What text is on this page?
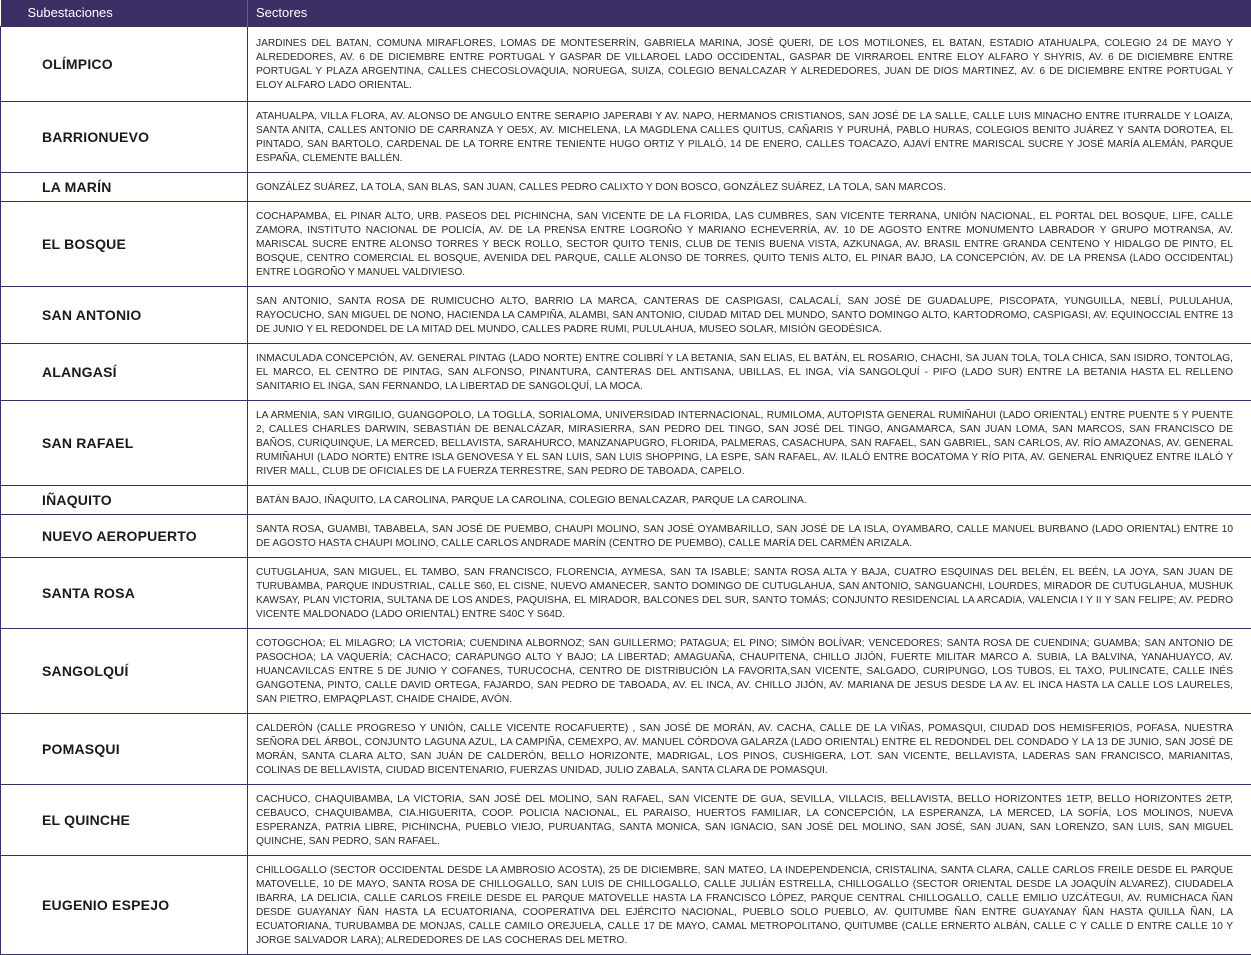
Subestaciones	Sectores
OLÍMPICO	JARDINES DEL BATAN, COMUNA MIRAFLORES, LOMAS DE MONTESERRÍN, GABRIELA MARINA, JOSÉ QUERI, DE LOS MOTILONES, EL BATAN, ESTADIO ATAHUALPA, COLEGIO 24 DE MAYO Y ALREDEDORES, AV. 6 DE DICIEMBRE ENTRE PORTUGAL Y GASPAR DE VILLAROEL LADO OCCIDENTAL, GASPAR DE VIRRAROEL ENTRE ELOY ALFARO Y SHYRIS, AV. 6 DE DICIEMBRE ENTRE PORTUGAL Y PLAZA ARGENTINA, CALLES CHECOSLOVAQUIA, NORUEGA, SUIZA, COLEGIO BENALCAZAR Y ALREDEDORES, JUAN DE DIOS MARTINEZ, AV. 6 DE DICIEMBRE ENTRE PORTUGAL Y ELOY ALFARO LADO ORIENTAL.
BARRIONUEVO	ATAHUALPA, VILLA FLORA, AV. ALONSO DE ANGULO ENTRE SERAPIO JAPERABI Y AV. NAPO, HERMANOS CRISTIANOS, SAN JOSÉ DE LA SALLE, CALLE LUIS MINACHO ENTRE ITURRALDE Y LOAIZA, SANTA ANITA, CALLES ANTONIO DE CARRANZA Y OE5X, AV. MICHELENA, LA MAGDLENA CALLES QUITUS, CAÑARIS Y PURUHÁ, PABLO HURAS, COLEGIOS BENITO JUÁREZ Y SANTA DOROTEA, EL PINTADO, SAN BARTOLO, CARDENAL DE LA TORRE ENTRE TENIENTE HUGO ORTIZ Y PILALÓ, 14 DE ENERO, CALLES TOACAZO, AJAVÍ ENTRE MARISCAL SUCRE Y JOSÉ MARÍA ALEMÁN, PARQUE ESPAÑA, CLEMENTE BALLÉN.
LA MARÍN	GONZÁLEZ SUÁREZ, LA TOLA, SAN BLAS, SAN JUAN, CALLES PEDRO CALIXTO Y DON BOSCO, GONZÁLEZ SUÁREZ, LA TOLA, SAN MARCOS.
EL BOSQUE	COCHAPAMBA, EL PINAR ALTO, URB. PASEOS DEL PICHINCHA, SAN VICENTE DE LA FLORIDA, LAS CUMBRES, SAN VICENTE TERRANA, UNIÓN NACIONAL, EL PORTAL DEL BOSQUE, LIFE, CALLE ZAMORA, INSTITUTO NACIONAL DE POLICÍA, AV. DE LA PRENSA ENTRE LOGROÑO Y MARIANO ECHEVERRÍA, AV. 10 DE AGOSTO ENTRE MONUMENTO LABRADOR Y GRUPO MOTRANSA, AV. MARISCAL SUCRE ENTRE ALONSO TORRES Y BECK ROLLO, SECTOR QUITO TENIS, CLUB DE TENIS BUENA VISTA, AZKUNAGA, AV. BRASIL ENTRE GRANDA CENTENO Y HIDALGO DE PINTO, EL BOSQUE, CENTRO COMERCIAL EL BOSQUE, AVENIDA DEL PARQUE, CALLE ALONSO DE TORRES, QUITO TENIS ALTO, EL PINAR BAJO, LA CONCEPCIÓN, AV. DE LA PRENSA (LADO OCCIDENTAL) ENTRE LOGROÑO Y MANUEL VALDIVIESO.
SAN ANTONIO	SAN ANTONIO, SANTA ROSA DE RUMICUCHO ALTO, BARRIO LA MARCA, CANTERAS DE CASPIGASI, CALACALÍ, SAN JOSÉ DE GUADALUPE, PISCOPATA, YUNGUILLA, NEBLÍ, PULULAHUA, RAYOCUCHO, SAN MIGUEL DE NONO, HACIENDA LA CAMPIÑA, ALAMBI, SAN ANTONIO, CIUDAD MITAD DEL MUNDO, SANTO DOMINGO ALTO, KARTODROMO, CASPIGASI, AV. EQUINOCCIAL ENTRE 13 DE JUNIO Y EL REDONDEL DE LA MITAD DEL MUNDO, CALLES PADRE RUMI, PULULAHUA, MUSEO SOLAR, MISIÓN GEODÉSICA.
ALANGASÍ	INMACULADA CONCEPCIÓN, AV. GENERAL PINTAG (LADO NORTE) ENTRE COLIBRÍ Y LA BETANIA, SAN ELIAS, EL BATÁN, EL ROSARIO, CHACHI, SA JUAN TOLA, TOLA CHICA, SAN ISIDRO, TONTOLAG, EL MARCO, EL CENTRO DE PINTAG, SAN ALFONSO, PINANTURA, CANTERAS DEL ANTISANA, UBILLAS, EL INGA, VÍA SANGOLQUÍ - PIFO (LADO SUR) ENTRE LA BETANIA HASTA EL RELLENO SANITARIO EL INGA, SAN FERNANDO, LA LIBERTAD DE SANGOLQUÍ, LA MOCA.
SAN RAFAEL	LA ARMENIA, SAN VIRGILIO, GUANGOPOLO, LA TOGLLA, SORIALOMA, UNIVERSIDAD INTERNACIONAL, RUMILOMA, AUTOPISTA GENERAL RUMIÑAHUI (LADO ORIENTAL) ENTRE PUENTE 5 Y PUENTE 2, CALLES CHARLES DARWIN, SEBASTIÁN DE BENALCÁZAR, MIRASIERRA, SAN PEDRO DEL TINGO, SAN JOSÉ DEL TINGO, ANGAMARCA, SAN JUAN LOMA, SAN MARCOS, SAN FRANCISCO DE BAÑOS, CURIQUINQUE, LA MERCED, BELLAVISTA, SARAHURCO, MANZANAPUGRO, FLORIDA, PALMERAS, CASACHUPA, SAN RAFAEL, SAN GABRIEL, SAN CARLOS, AV. RÍO AMAZONAS, AV. GENERAL RUMIÑAHUI (LADO NORTE) ENTRE ISLA GENOVESA Y EL SAN LUIS, SAN LUIS SHOPPING, LA ESPE, SAN RAFAEL, AV. ILALÓ ENTRE BOCATOMA Y RÍO PITA, AV. GENERAL ENRIQUEZ ENTRE ILALÓ Y RIVER MALL, CLUB DE OFICIALES DE LA FUERZA TERRESTRE, SAN PEDRO DE TABOADA, CAPELO.
IÑAQUITO	BATÁN BAJO, IÑAQUITO, LA CAROLINA, PARQUE LA CAROLINA, COLEGIO BENALCAZAR, PARQUE LA CAROLINA.
NUEVO AEROPUERTO	SANTA ROSA, GUAMBI, TABABELA, SAN JOSÉ DE PUEMBO, CHAUPI MOLINO, SAN JOSÉ OYAMBARILLO, SAN JOSÉ DE LA ISLA, OYAMBARO, CALLE MANUEL BURBANO (LADO ORIENTAL) ENTRE 10 DE AGOSTO HASTA CHAUPI MOLINO, CALLE CARLOS ANDRADE MARÍN (CENTRO DE PUEMBO), CALLE MARÍA DEL CARMÉN ARIZALA.
SANTA ROSA	CUTUGLAHUA, SAN MIGUEL, EL TAMBO, SAN FRANCISCO, FLORENCIA, AYMESA, SAN TA ISABLE; SANTA ROSA ALTA Y BAJA, CUATRO ESQUINAS DEL BELÉN, EL BEÉN, LA JOYA, SAN JUAN DE TURUBAMBA, PARQUE INDUSTRIAL, CALLE S60, EL CISNE, NUEVO AMANECER, SANTO DOMINGO DE CUTUGLAHUA, SAN ANTONIO, SANGUANCHI, LOURDES, MIRADOR DE CUTUGLAHUA, MUSHUK KAWSAY, PLAN VICTORIA, SULTANA DE LOS ANDES, PAQUISHA, EL MIRADOR, BALCONES DEL SUR, SANTO TOMÁS; CONJUNTO RESIDENCIAL LA ARCADIA, VALENCIA I Y II Y SAN FELIPE; AV. PEDRO VICENTE MALDONADO (LADO ORIENTAL) ENTRE S40C Y S64D.
SANGOLQUÍ	COTOGCHOA; EL MILAGRO; LA VICTORIA; CUENDINA ALBORNOZ; SAN GUILLERMO; PATAGUA; EL PINO; SIMÓN BOLÍVAR; VENCEDORES; SANTA ROSA DE CUENDINA; GUAMBA; SAN ANTONIO DE PASOCHOA; LA VAQUERÍA; CACHACO; CARAPUNGO ALTO Y BAJO; LA LIBERTAD; AMAGUAÑA, CHAUPITENA, CHILLO JIJÓN, FUERTE MILITAR MARCO A. SUBIA, LA BALVINA, YANAHUAYCO, AV. HUANCAVILCAS ENTRE 5 DE JUNIO Y COFANES, TURUCOCHA, CENTRO DE DISTRIBUCIÓN LA FAVORITA,SAN VICENTE, SALGADO, CURIPUNGO, LOS TUBOS, EL TAXO, PULINCATE, CALLE INÉS GANGOTENA, PINTO, CALLE DAVID ORTEGA, FAJARDO, SAN PEDRO DE TABOADA, AV. EL INCA, AV. CHILLO JIJÓN, AV. MARIANA DE JESUS DESDE LA AV. EL INCA HASTA LA CALLE LOS LAURELES, SAN PIETRO, EMPAQPLAST, CHAIDE CHAIDE, AVÓN.
POMASQUI	CALDERÓN (CALLE PROGRESO Y UNIÓN, CALLE VICENTE ROCAFUERTE) , SAN JOSÉ DE MORÁN, AV. CACHA, CALLE DE LA VIÑAS, POMASQUI, CIUDAD DOS HEMISFERIOS, POFASA, NUESTRA SEÑORA DEL ÁRBOL, CONJUNTO LAGUNA AZUL, LA CAMPIÑA, CEMEXPO, AV. MANUEL CÓRDOVA GALARZA (LADO ORIENTAL) ENTRE EL REDONDEL DEL CONDADO Y LA 13 DE JUNIO, SAN JOSÉ DE MORÁN, SANTA CLARA ALTO, SAN JUÁN DE CALDERÓN, BELLO HORIZONTE, MADRIGAL, LOS PINOS, CUSHIGERA, LOT. SAN VICENTE, BELLAVISTA, LADERAS SAN FRANCISCO, MARIANITAS, COLINAS DE BELLAVISTA, CIUDAD BICENTENARIO, FUERZAS UNIDAD, JULIO ZABALA, SANTA CLARA DE POMASQUI.
EL QUINCHE	CACHUCO, CHAQUIBAMBA, LA VICTORIA, SAN JOSÉ DEL MOLINO, SAN RAFAEL, SAN VICENTE DE GUA, SEVILLA, VILLACIS, BELLAVISTA, BELLO HORIZONTES 1ETP, BELLO HORIZONTES 2ETP, CEBAUCO, CHAQUIBAMBA, CIA.HIGUERITA, COOP. POLICIA NACIONAL, EL PARAISO, HUERTOS FAMILIAR, LA CONCEPCIÓN, LA ESPERANZA, LA MERCED, LA SOFÍA, LOS MOLINOS, NUEVA ESPERANZA, PATRIA LIBRE, PICHINCHA, PUEBLO VIEJO, PURUANTAG, SANTA MONICA, SAN IGNACIO, SAN JOSÉ DEL MOLINO, SAN JOSÉ, SAN JUAN, SAN LORENZO, SAN LUIS, SAN MIGUEL QUINCHE, SAN PEDRO, SAN RAFAEL.
EUGENIO ESPEJO	CHILLOGALLO (SECTOR OCCIDENTAL DESDE LA AMBROSIO ACOSTA), 25 DE DICIEMBRE, SAN MATEO, LA INDEPENDENCIA, CRISTALINA, SANTA CLARA, CALLE CARLOS FREILE DESDE EL PARQUE MATOVELLE, 10 DE MAYO, SANTA ROSA DE CHILLOGALLO, SAN LUIS DE CHILLOGALLO, CALLE JULIÁN ESTRELLA, CHILLOGALLO (SECTOR ORIENTAL DESDE LA JOAQUÍN ALVAREZ), CIUDADELA IBARRA, LA DELICIA, CALLE CARLOS FREILE DESDE EL PARQUE MATOVELLE HASTA LA FRANCISCO LÓPEZ, PARQUE CENTRAL CHILLOGALLO, CALLE EMILIO UZCÁTEGUI, AV. RUMICHACA ÑAN DESDE GUAYANAY ÑAN HASTA LA ECUATORIANA, COOPERATIVA DEL EJÉRCITO NACIONAL, PUEBLO SOLO PUEBLO, AV. QUITUMBE ÑAN ENTRE GUAYANAY ÑAN HASTA QUILLA ÑAN, LA ECUATORIANA, TURUBAMBA DE MONJAS, CALLE CAMILO OREJUELA, CALLE 17 DE MAYO, CAMAL METROPOLITANO, QUITUMBE (CALLE ERNERTO ALBÁN, CALLE C Y CALLE D ENTRE CALLE 10 Y JORGE SALVADOR LARA); ALREDEDORES DE LAS COCHERAS DEL METRO.
